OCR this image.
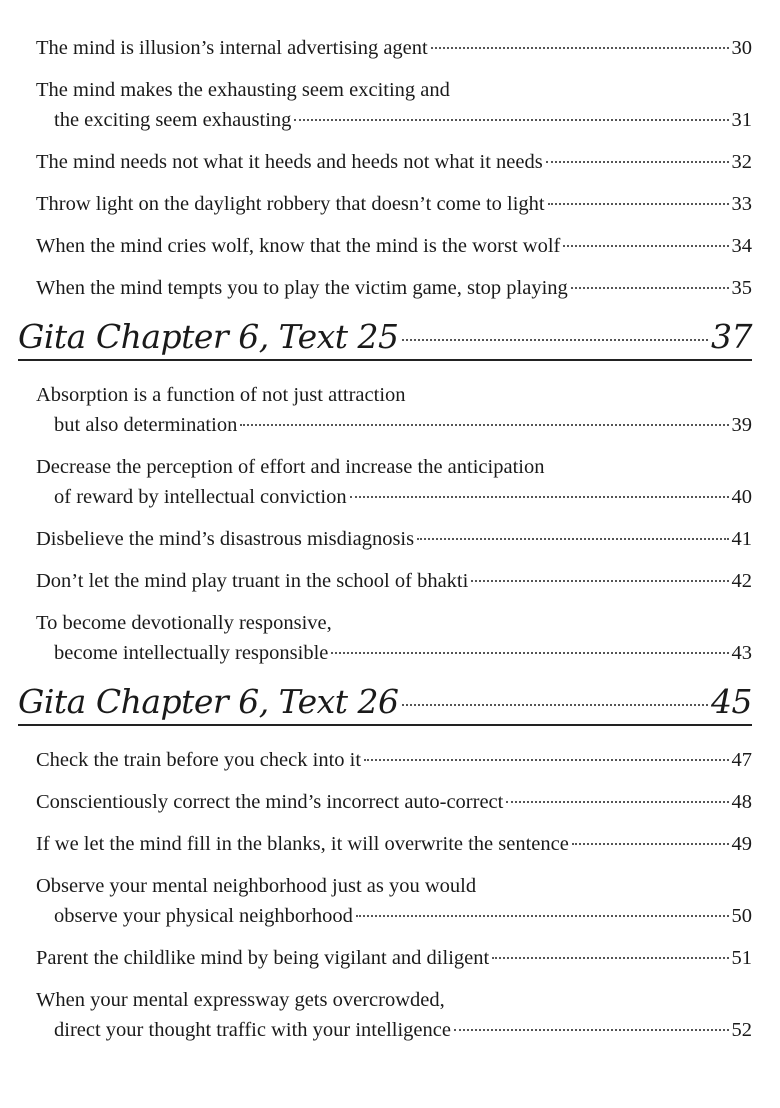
The mind is illusion’s internal advertising agent	30
The mind makes the exhausting seem exciting and
the exciting seem exhausting	31
The mind needs not what it heeds and heeds not what it needs	32
Throw light on the daylight robbery that doesn’t come to light	33
When the mind cries wolf, know that the mind is the worst wolf	34
When the mind tempts you to play the victim game, stop playing	35
Gita Chapter 6, Text 25	37
Absorption is a function of not just attraction
but also determination	39
Decrease the perception of effort and increase the anticipation
of reward by intellectual conviction	40
Disbelieve the mind’s disastrous misdiagnosis	41
Don’t let the mind play truant in the school of bhakti	42
To become devotionally responsive,
become intellectually responsible	43
Gita Chapter 6, Text 26	45
Check the train before you check into it	47
Conscientiously correct the mind’s incorrect auto-correct	48
If we let the mind fill in the blanks, it will overwrite the sentence	49
Observe your mental neighborhood just as you would
observe your physical neighborhood	50
Parent the childlike mind by being vigilant and diligent	51
When your mental expressway gets overcrowded,
direct your thought traffic with your intelligence	52
